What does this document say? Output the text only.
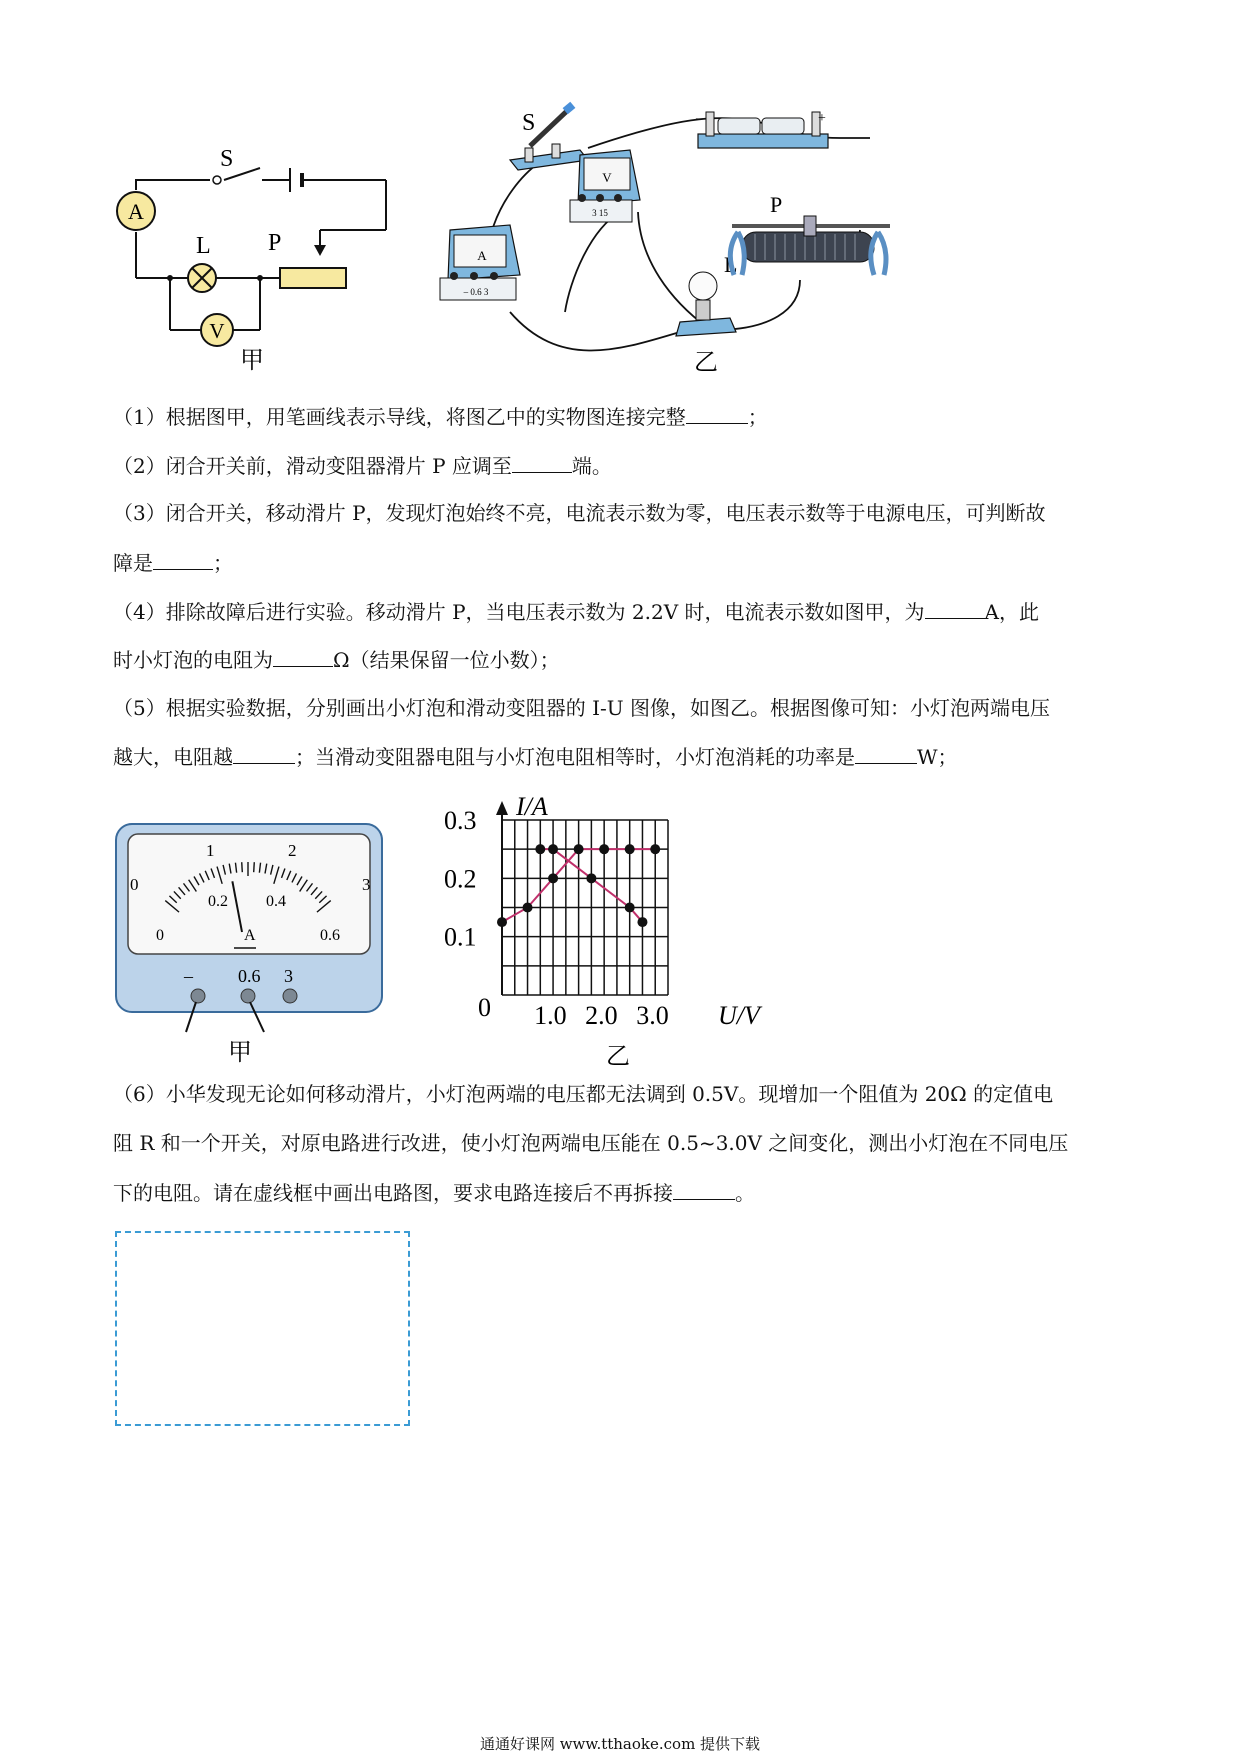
A
L
V
P
S
甲
S	–	+
V
3 15
A
– 0.6 3
L
P
乙
（1）根据图甲，用笔画线表示导线，将图乙中的实物图连接完整	；
（2）闭合开关前，滑动变阻器滑片 P 应调至	端。
（3）闭合开关，移动滑片 P，发现灯泡始终不亮，电流表示数为零，电压表示数等于电源电压，可判断故
障是	；
（4）排除故障后进行实验。移动滑片 P，当电压表示数为 2.2V 时，电流表示数如图甲，为	A，此
时小灯泡的电阻为	Ω（结果保留一位小数）；
（5）根据实验数据，分别画出小灯泡和滑动变阻器的 I-U 图像，如图乙。根据图像可知：小灯泡两端电压
越大，电阻越	；当滑动变阻器电阻与小灯泡电阻相等时，小灯泡消耗的功率是	W；
0
1	2
3
0
0.2 0.4
0.6
A
–	0.6 3
甲
0.1
0.2
0.3
1.0 2.0 3.0
I/A
U/V
0
乙
（6）小华发现无论如何移动滑片，小灯泡两端的电压都无法调到 0.5V。现增加一个阻值为 20Ω 的定值电
阻 R 和一个开关，对原电路进行改进，使小灯泡两端电压能在 0.5~3.0V 之间变化，测出小灯泡在不同电压
下的电阻。请在虚线框中画出电路图，要求电路连接后不再拆接	。
通通好课网 www.tthaoke.com 提供下载
